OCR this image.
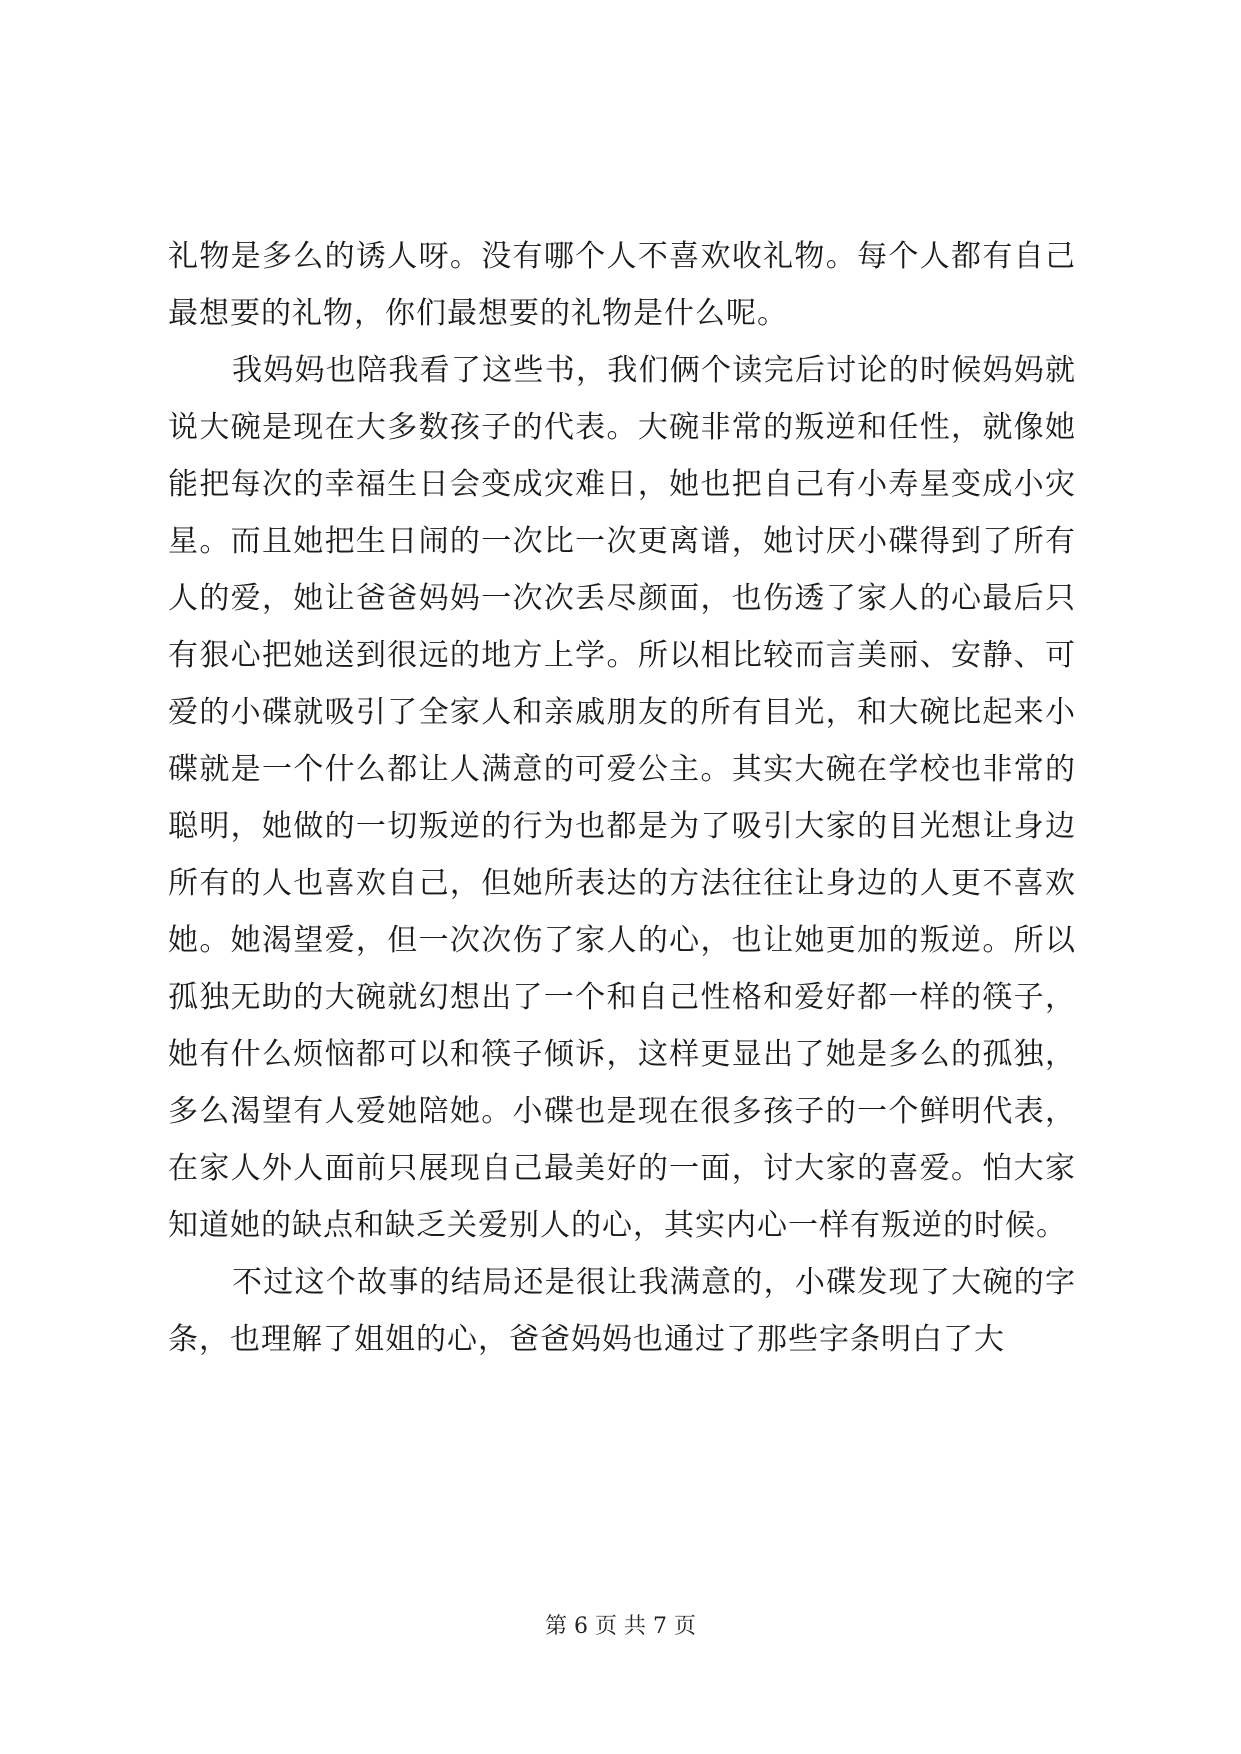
礼物是多么的诱人呀。没有哪个人不喜欢收礼物。每个人都有自己最想要的礼物，你们最想要的礼物是什么呢。

我妈妈也陪我看了这些书，我们俩个读完后讨论的时候妈妈就说大碗是现在大多数孩子的代表。大碗非常的叛逆和任性，就像她能把每次的幸福生日会变成灾难日，她也把自己有小寿星变成小灾星。而且她把生日闹的一次比一次更离谱，她讨厌小碟得到了所有人的爱，她让爸爸妈妈一次次丢尽颜面，也伤透了家人的心最后只有狠心把她送到很远的地方上学。所以相比较而言美丽、安静、可爱的小碟就吸引了全家人和亲戚朋友的所有目光，和大碗比起来小碟就是一个什么都让人满意的可爱公主。其实大碗在学校也非常的聪明，她做的一切叛逆的行为也都是为了吸引大家的目光想让身边所有的人也喜欢自己，但她所表达的方法往往让身边的人更不喜欢她。她渴望爱，但一次次伤了家人的心，也让她更加的叛逆。所以孤独无助的大碗就幻想出了一个和自己性格和爱好都一样的筷子，她有什么烦恼都可以和筷子倾诉，这样更显出了她是多么的孤独，多么渴望有人爱她陪她。小碟也是现在很多孩子的一个鲜明代表，在家人外人面前只展现自己最美好的一面，讨大家的喜爱。怕大家知道她的缺点和缺乏关爱别人的心，其实内心一样有叛逆的时候。

不过这个故事的结局还是很让我满意的，小碟发现了大碗的字条，也理解了姐姐的心，爸爸妈妈也通过了那些字条明白了大

第 6 页 共 7 页
